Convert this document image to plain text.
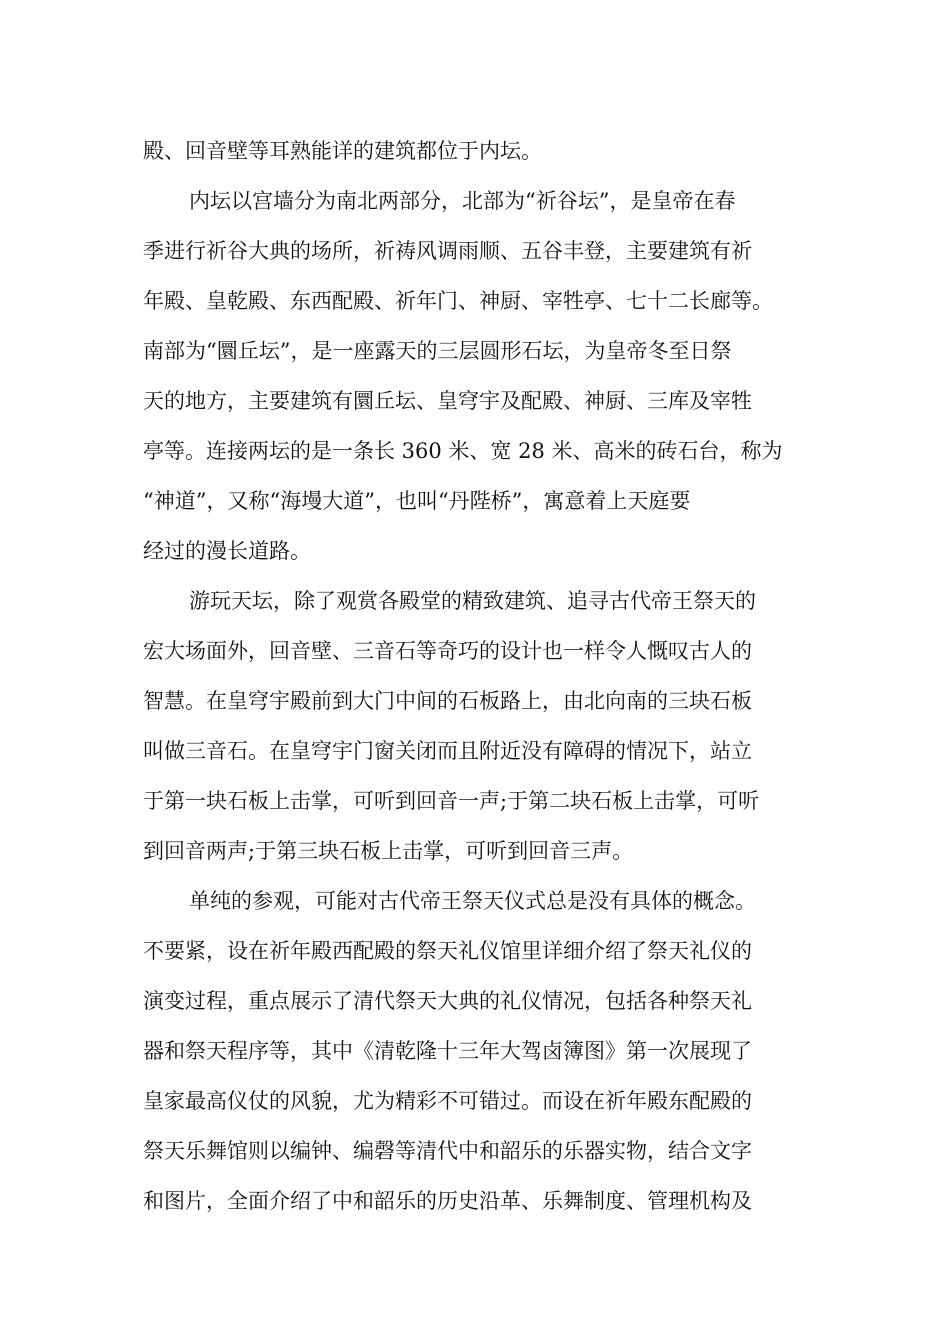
殿、回音壁等耳熟能详的建筑都位于内坛。
内坛以宫墙分为南北两部分，北部为“祈谷坛”，是皇帝在春
季进行祈谷大典的场所，祈祷风调雨顺、五谷丰登，主要建筑有祈
年殿、皇乾殿、东西配殿、祈年门、神厨、宰牲亭、七十二长廊等。
南部为“圜丘坛”，是一座露天的三层圆形石坛，为皇帝冬至日祭
天的地方，主要建筑有圜丘坛、皇穹宇及配殿、神厨、三库及宰牲
亭等。连接两坛的是一条长 360 米、宽 28 米、高米的砖石台，称为
“神道”，又称“海墁大道”，也叫“丹陛桥”，寓意着上天庭要
经过的漫长道路。
游玩天坛，除了观赏各殿堂的精致建筑、追寻古代帝王祭天的
宏大场面外，回音壁、三音石等奇巧的设计也一样令人慨叹古人的
智慧。在皇穹宇殿前到大门中间的石板路上，由北向南的三块石板
叫做三音石。在皇穹宇门窗关闭而且附近没有障碍的情况下，站立
于第一块石板上击掌，可听到回音一声;于第二块石板上击掌，可听
到回音两声;于第三块石板上击掌，可听到回音三声。
单纯的参观，可能对古代帝王祭天仪式总是没有具体的概念。
不要紧，设在祈年殿西配殿的祭天礼仪馆里详细介绍了祭天礼仪的
演变过程，重点展示了清代祭天大典的礼仪情况，包括各种祭天礼
器和祭天程序等，其中《清乾隆十三年大驾卤簿图》第一次展现了
皇家最高仪仗的风貌，尤为精彩不可错过。而设在祈年殿东配殿的
祭天乐舞馆则以编钟、编磬等清代中和韶乐的乐器实物，结合文字
和图片，全面介绍了中和韶乐的历史沿革、乐舞制度、管理机构及
